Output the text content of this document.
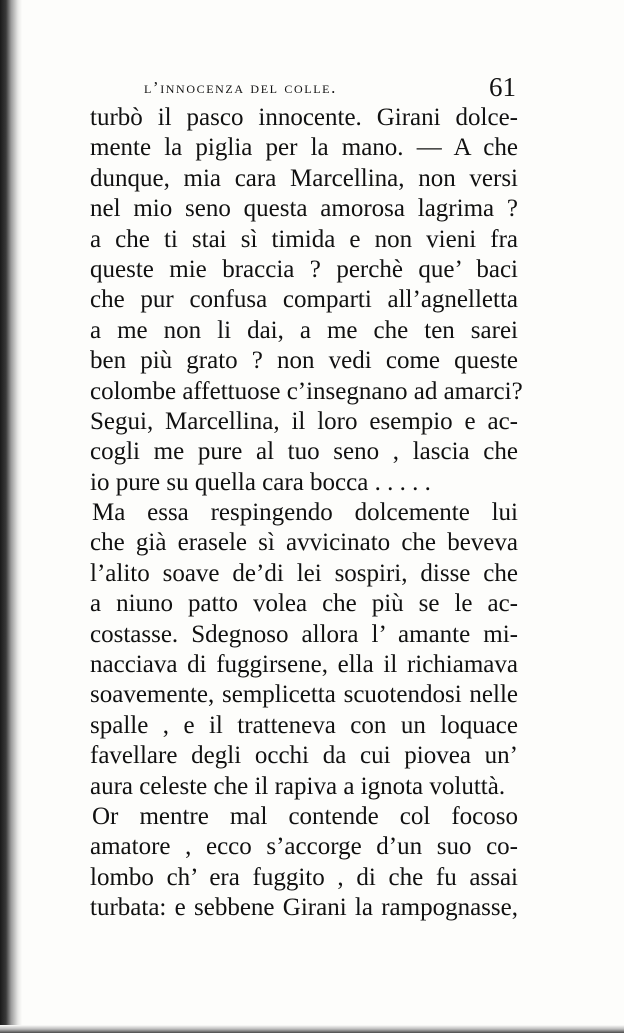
l’innocenza del colle.	61
turbò il pasco innocente. Girani dolce-
mente la piglia per la mano. — A che
dunque, mia cara Marcellina, non versi
nel mio seno questa amorosa lagrima ?
a che ti stai sì timida e non vieni fra
queste mie braccia ? perchè que’ baci
che pur confusa comparti all’agnelletta
a me non li dai, a me che ten sarei
ben più grato ? non vedi come queste
colombe affettuose c’insegnano ad amarci?
Segui, Marcellina, il loro esempio e ac-
cogli me pure al tuo seno , lascia che
io pure su quella cara bocca . . . . .
Ma essa respingendo dolcemente lui
che già erasele sì avvicinato che beveva
l’alito soave de’di lei sospiri, disse che
a niuno patto volea che più se le ac-
costasse. Sdegnoso allora l’ amante mi-
nacciava di fuggirsene, ella il richiamava
soavemente, semplicetta scuotendosi nelle
spalle , e il tratteneva con un loquace
favellare degli occhi da cui piovea un’
aura celeste che il rapiva a ignota voluttà.
Or mentre mal contende col focoso
amatore , ecco s’accorge d’un suo co-
lombo ch’ era fuggito , di che fu assai
turbata: e sebbene Girani la rampognasse,
